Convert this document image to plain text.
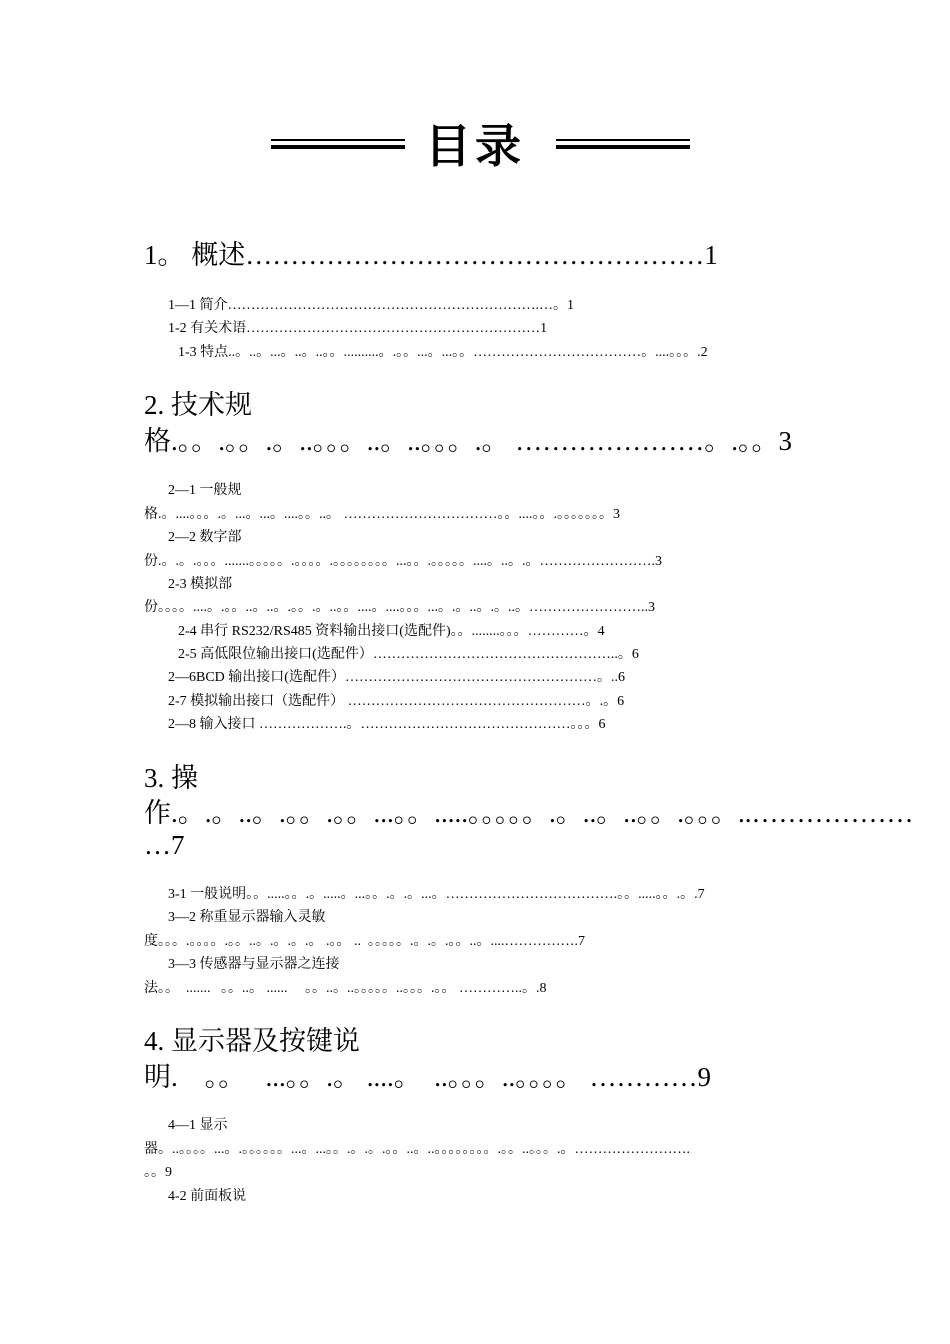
目录
1。 概述……………………………………………1
1—1 简介………………………………………………………….…。1
1-2 有关术语………………………………………………………1
1-3 特点..。..。...。..。..。。..........。.。。...。...。。………………………………。....。。。.2
2. 技术规
格.。。.。。.。..。。。..。..。。。.。 …………………。.。。3
2—1 一般规
格.。....。。。.。...。...。....。。..。 ……………………………。。....。。.。。。。。。。3
2—2 数字部
份.。.。.。。。.......。。。。。.。。。。.。。。。。。。。...。。.。。。。。....。..。.。…………………….3
2-3 模拟部
份。。。。....。.。。..。..。.。。.。..。。....。....。。。...。.。..。.。..。……………………..3
2-4 串行 RS232/RS485 资料输出接口(选配件)。。........。。。…………。4
2-5 高低限位输出接口(选配件）……………………………………………..。6
2—6BCD 输出接口(选配件）………………………………………………。..6
2-7 模拟输出接口（选配件） ……………………………………………。.。6
2—8 输入接口 ……………….。………………………………………。。。6
3. 操
作.。.。..。.。。.。。...。。.....。。。。。.。..。..。。.。。。..………………
…7
3-1 一般说明。。.....。。.。.....。...。。.。.。...。……………………………….。。.....。。.。.7
3—2 称重显示器输入灵敏
度。。。.。。。。.。。..。.。.。.。 .。。 ..  。。。。。.。.。.。。..。....…………….7
3—3 传感器与显示器之连接
法。。  .......   。。..。 ......     。。..。..。。。。。..。。。.。。 …………..。.8
4. 显示器及按键说
明.    。。   ...。。.。 ....。  ..。。。..。。。。 …………9
4—1 显示
器。..。。。。...。.。。。。。。...。...。。.。.。.。。..。..。。。。。。。。.。。..。。。.。…………………….
。。9
4-2 前面板说
